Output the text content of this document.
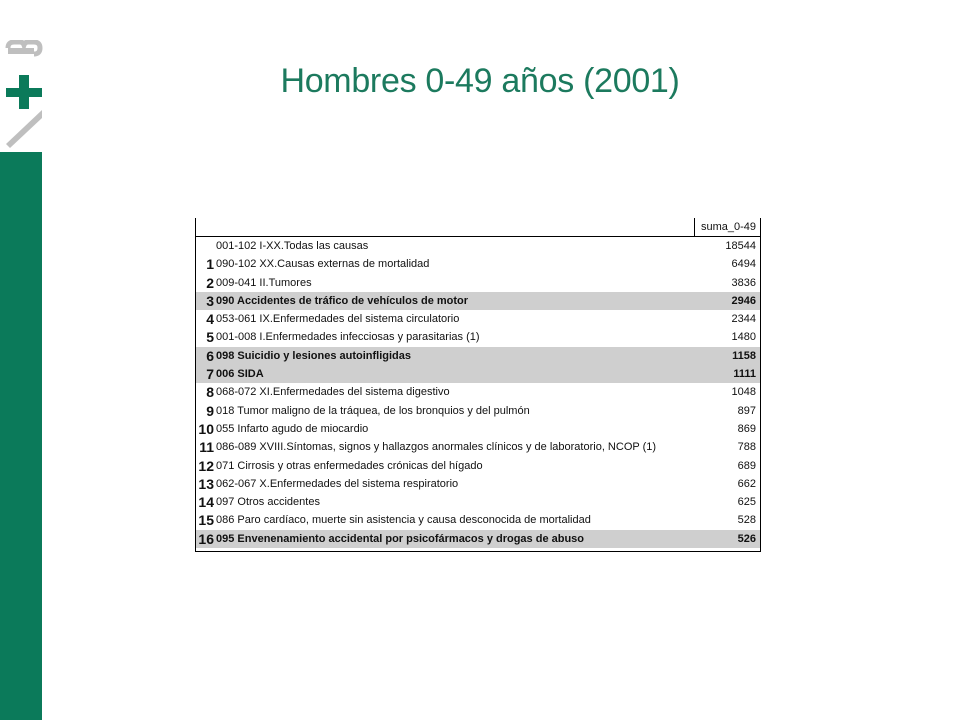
Hombres 0-49 años (2001)
suma_0-49
001-102 I-XX.Todas las causas	18544
1 090-102 XX.Causas externas de mortalidad	6494
2 009-041 II.Tumores	3836
3 090 Accidentes de tráfico de vehículos de motor	2946
4 053-061 IX.Enfermedades del sistema circulatorio	2344
5 001-008 I.Enfermedades infecciosas y parasitarias (1)	1480
6 098 Suicidio y lesiones autoinfligidas	1158
7 006 SIDA	1111
8 068-072 XI.Enfermedades del sistema digestivo	1048
9 018 Tumor maligno de la tráquea, de los bronquios y del pulmón	897
10 055 Infarto agudo de miocardio	869
11 086-089 XVIII.Síntomas, signos y hallazgos anormales clínicos y de laboratorio, NCOP (1)	788
12 071 Cirrosis y otras enfermedades crónicas del hígado	689
13 062-067 X.Enfermedades del sistema respiratorio	662
14 097 Otros accidentes	625
15 086 Paro cardíaco, muerte sin asistencia y causa desconocida de mortalidad	528
16 095 Envenenamiento accidental por psicofármacos y drogas de abuso	526
